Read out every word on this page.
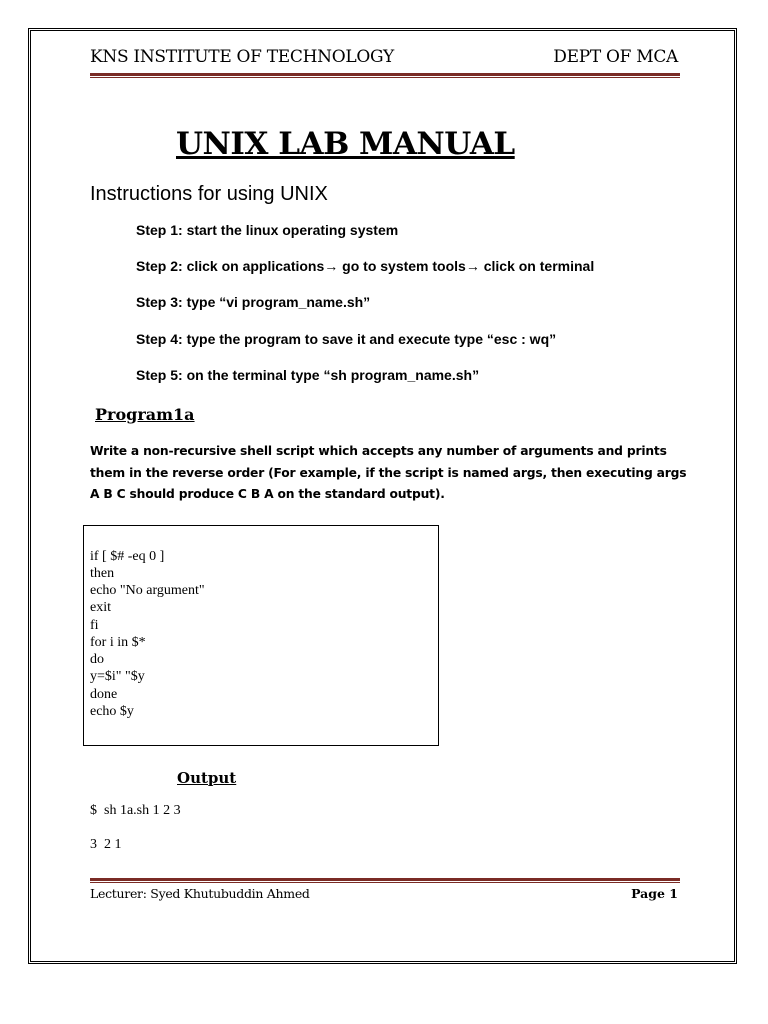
KNS INSTITUTE OF TECHNOLOGY	DEPT OF MCA
UNIX LAB MANUAL
Instructions for using UNIX
Step 1: start the linux operating system
Step 2: click on applications→ go to system tools→ click on terminal
Step 3: type “vi program_name.sh”
Step 4: type the program to save it and execute type “esc : wq”
Step 5: on the terminal type “sh program_name.sh”
Program1a
Write a non-recursive shell script which accepts any number of arguments and prints them in the reverse order (For example, if the script is named args, then executing args A B C should produce C B A on the standard output).
if [ $# -eq 0 ]
then
echo "No argument"
exit
fi
for i in $*
do
y=$i" "$y
done
echo $y
Output
$  sh 1a.sh 1 2 3
3  2 1
Lecturer: Syed Khutubuddin Ahmed	Page 1
